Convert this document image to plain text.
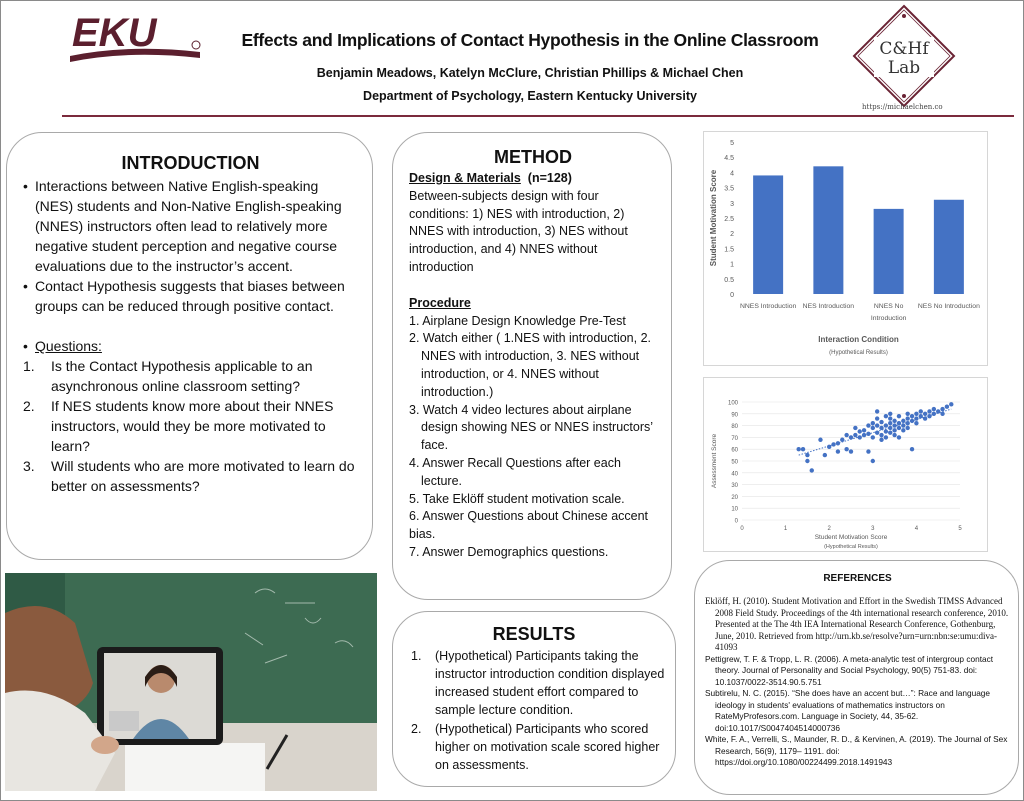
EKU	Effects and Implications of Contact Hypothesis in the Online Classroom
Benjamin Meadows, Katelyn McClure, Christian Phillips & Michael Chen
Department of Psychology, Eastern Kentucky University
C&Hf
Lab
https://michaelchen.co
INTRODUCTION
• Interactions between Native English-speaking (NES) students and Non-Native English-speaking (NNES) instructors often lead to relatively more negative student perception and negative course evaluations due to the instructor’s accent.
• Contact Hypothesis suggests that biases between groups can be reduced through positive contact.
• Questions:
1.	Is the Contact Hypothesis applicable to an asynchronous online classroom setting?
2.	If NES students know more about their NNES instructors, would they be more motivated to learn?
3.	Will students who are more motivated to learn do better on assessments?
METHOD
Design & Materials (n=128)
Between-subjects design with four conditions: 1) NES with introduction, 2) NNES with introduction, 3) NES without introduction, and 4) NNES without introduction
Procedure
1. Airplane Design Knowledge Pre-Test
2. Watch either ( 1.NES with introduction, 2. NNES with introduction, 3. NES without introduction, or 4. NNES without introduction.)
3. Watch 4 video lectures about airplane design showing NES or NNES instructors’ face.
4. Answer Recall Questions after each lecture.
5. Take Eklöff student motivation scale.
6. Answer Questions about Chinese accent bias.
7. Answer Demographics questions.
RESULTS
1.	(Hypothetical) Participants taking the instructor introduction condition displayed increased student effort compared to sample lecture condition.
2.	(Hypothetical) Participants who scored higher on motivation scale scored higher on assessments.
REFERENCES
Eklöff, H. (2010). Student Motivation and Effort in the Swedish TIMSS Advanced 2008 Field Study. Proceedings of the 4th international research conference, 2010. Presented at the The 4th IEA International Research Conference, Gothenburg, June, 2010. Retrieved from http://urn.kb.se/resolve?urn=urn:nbn:se:umu:diva-41093
Pettigrew, T. F. & Tropp, L. R. (2006). A meta-analytic test of intergroup contact theory. Journal of Personality and Social Psychology, 90(5) 751-83. doi: 10.1037/0022-3514.90.5.751
Subtirelu, N. C. (2015). “She does have an accent but…”: Race and language ideology in students' evaluations of mathematics instructors on RateMyProfesors.com. Language in Society, 44, 35-62. doi:10.1017/S0047404514000736
White, F. A., Verrelli, S., Maunder, R. D., & Kervinen, A. (2019). The Journal of Sex Research, 56(9), 1179– 1191. doi: https://doi.org/10.1080/00224499.2018.1491943
0
0.5
1
1.5
2
2.5
3
3.5
4
4.5
5
NNES Introduction NES Introduction	NNES No
Introduction
NES No Introduction
Student Motivation Score
Interaction Condition
(Hypothetical Results)
0
10
20
30
40
50
60
70
80
90
100
0	1	2	3	4	5
Assessment Score
Student Motivation Score
(Hypothetical Results)
